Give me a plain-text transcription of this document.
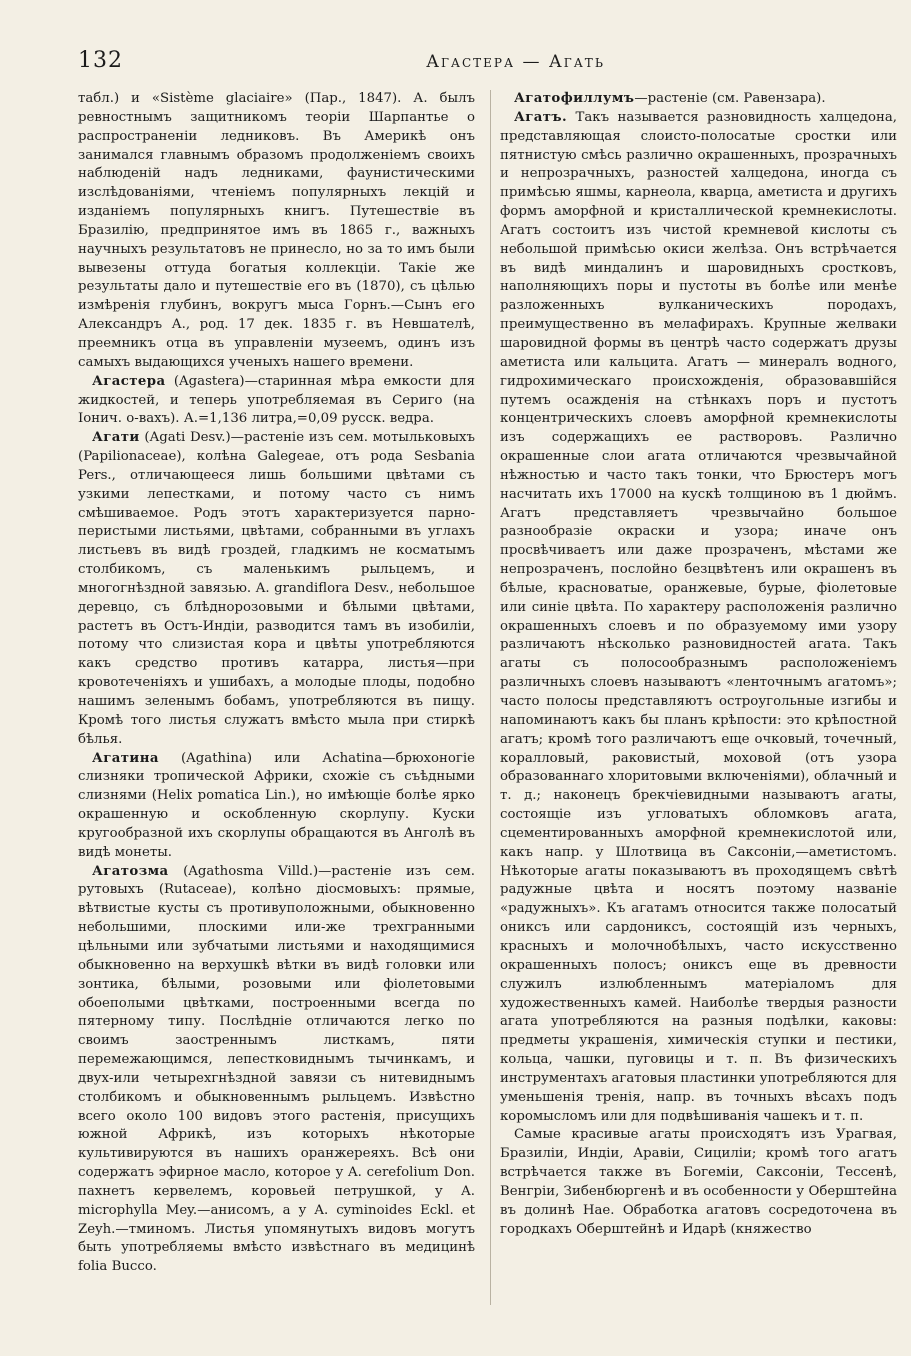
132	Агастера — Агать

табл.) и «Sistème glaciaire» (Пар., 1847). А. былъ ревностнымъ защитникомъ теоріи Шарпантье о распространеніи ледниковъ. Въ Америкѣ онъ занимался главнымъ образомъ продолженіемъ своихъ наблюденій надъ ледниками, фаунистическими изслѣдованіями, чтеніемъ популярныхъ лекцій и изданіемъ популярныхъ книгъ. Путешествіе въ Бразилію, предпринятое имъ въ 1865 г., важныхъ научныхъ результатовъ не принесло, но за то имъ были вывезены оттуда богатыя коллекціи. Такіе же результаты дало и путешествіе его въ (1870), съ цѣлью измѣренія глубинъ, вокругъ мыса Горнъ.—Сынъ его Александръ А., род. 17 дек. 1835 г. въ Невшателѣ, преемникъ отца въ управленіи музеемъ, одинъ изъ самыхъ выдающихся ученыхъ нашего времени.

Агастера (Agastera)—старинная мѣра емкости для жидкостей, и теперь употребляемая въ Сериго (на Іонич. о-вахъ). А.=1,136 литра,=0,09 русск. ведра.

Агати (Agati Desv.)—растеніе изъ сем. мотыльковыхъ (Papilionaceae), колѣна Galegeae, отъ рода Sesbania Pers., отличающееся лишь большими цвѣтами съ узкими лепестками, и потому часто съ нимъ смѣшиваемое. Родъ этотъ характеризуется парно-перистыми листьями, цвѣтами, собранными въ углахъ листьевъ въ видѣ гроздей, гладкимъ не косматымъ столбикомъ, съ маленькимъ рыльцемъ, и многогнѣздной завязью. A. grandiflora Desv., небольшое деревцо, съ блѣднорозовыми и бѣлыми цвѣтами, растетъ въ Остъ-Индіи, разводится тамъ въ изобиліи, потому что слизистая кора и цвѣты употребляются какъ средство противъ катарра, листья—при кровотеченіяхъ и ушибахъ, а молодые плоды, подобно нашимъ зеленымъ бобамъ, употребляются въ пищу. Кромѣ того листья служатъ вмѣсто мыла при стиркѣ бѣлья.

Агатина (Agathina) или Achatina—брюхоногіе слизняки тропической Африки, схожіе съ съѣдными слизнями (Helix pomatica Lin.), но имѣющіе болѣе ярко окрашенную и оскобленную скорлупу. Куски кругообразной ихъ скорлупы обращаются въ Анголѣ въ видѣ монеты.

Агатозма (Agathosma Villd.)—растеніе изъ сем. рутовыхъ (Rutaceae), колѣно діосмовыхъ: прямые, вѣтвистые кусты съ противуположными, обыкновенно небольшими, плоскими или-же трехгранными цѣльными или зубчатыми листьями и находящимися обыкновенно на верхушкѣ вѣтки въ видѣ головки или зонтика, бѣлыми, розовыми или фіолетовыми обоеполыми цвѣтками, построенными всегда по пятерному типу. Послѣдніе отличаются легко по своимъ заостреннымъ листкамъ, пяти перемежающимся, лепестковиднымъ тычинкамъ, и двух-или четырехгнѣздной завязи съ нитевиднымъ столбикомъ и обыкновеннымъ рыльцемъ. Извѣстно всего около 100 видовъ этого растенія, присущихъ южной Африкѣ, изъ которыхъ нѣкоторые культивируются въ нашихъ оранжереяхъ. Всѣ они содержатъ эфирное масло, которое у A. cerefolium Don. пахнетъ кервелемъ, коровьей петрушкой, у A. microphylla Mey.—анисомъ, а у A. cyminoides Eckl. et Zeyh.—тминомъ. Листья упомянутыхъ видовъ могутъ быть употребляемы вмѣсто извѣстнаго въ медицинѣ folia Bucco.

Агатофиллумъ—растеніе (см. Равензара).

Агатъ. Такъ называется разновидность халцедона, представляющая слоисто-полосатые сростки или пятнистую смѣсь различно окрашенныхъ, прозрачныхъ и непрозрачныхъ, разностей халцедона, иногда съ примѣсью яшмы, карнеола, кварца, аметиста и другихъ формъ аморфной и кристаллической кремнекислоты. Агатъ состоитъ изъ чистой кремневой кислоты съ небольшой примѣсью окиси желѣза. Онъ встрѣчается въ видѣ миндалинъ и шаровидныхъ сростковъ, наполняющихъ поры и пустоты въ болѣе или менѣе разложенныхъ вулканическихъ породахъ, преимущественно въ мелафирахъ. Крупные желвaки шаровидной формы въ центрѣ часто содержатъ друзы аметиста или кальцита. Агатъ — минералъ водного, гидрохимическаго происхожденія, образовавшійся путемъ осажденія на стѣнкахъ поръ и пустотъ концентрическихъ слоевъ аморфной кремнекислоты изъ содержащихъ ее растворовъ. Различно окрашенные слои агата отличаются чрезвычайной нѣжностью и часто такъ тонки, что Брюстеръ могъ насчитать ихъ 17000 на кускѣ толщиною въ 1 дюймъ. Агатъ представляетъ чрезвычайно большое разнообразіе окраски и узора; иначе онъ просвѣчиваетъ или даже прозраченъ, мѣстами же непрозраченъ, послойно безцвѣтенъ или окрашенъ въ бѣлые, красноватые, оранжевые, бурые, фіолетовые или синіе цвѣта. По характеру расположенія различно окрашенныхъ слоевъ и по образуемому ими узору различаютъ нѣсколько разновидностей агата. Такъ агаты съ полосообразнымъ расположеніемъ различныхъ слоевъ называютъ «ленточнымъ агатомъ»; часто полосы представляютъ остроугольные изгибы и напоминаютъ какъ бы планъ крѣпости: это крѣпостной агатъ; кромѣ того различаютъ еще очковый, точечный, коралловый, раковистый, моховой (отъ узора образованнаго хлоритовыми включеніями), облачный и т. д.; наконецъ брекчіевидными называютъ агаты, состоящіе изъ угловатыхъ обломковъ агата, сцементированныхъ аморфной кремнекислотой или, какъ напр. у Шлотвица въ Саксоніи,—аметистомъ. Нѣкоторые агаты показываютъ въ проходящемъ свѣтѣ радужные цвѣта и носятъ поэтому названіе «радужныхъ». Къ агатамъ относится также полосатый ониксъ или сардониксъ, состоящій изъ черныхъ, красныхъ и молочнобѣлыхъ, часто искусственно окрашенныхъ полосъ; ониксъ еще въ древности служилъ излюбленнымъ матеріаломъ для художественныхъ камей. Наиболѣе твердыя разности агата употребляются на разныя подѣлки, каковы: предметы украшенія, химическія ступки и пестики, кольца, чашки, пуговицы и т. п. Въ физическихъ инструментахъ агатовыя пластинки употребляются для уменьшенія тренія, напр. въ точныхъ вѣсахъ подъ коромысломъ или для подвѣшиванія чашекъ и т. п.

Самые красивые агаты происходятъ изъ Урагвая, Бразиліи, Индіи, Аравіи, Сициліи; кромѣ того агатъ встрѣчается также въ Богеміи, Саксоніи, Тессенѣ, Венгріи, Зибенбюргенѣ и въ особенности у Оберштейна въ долинѣ Нае. Обработка агатовъ сосредоточена въ городкахъ Оберштейнѣ и Идарѣ (княжество
